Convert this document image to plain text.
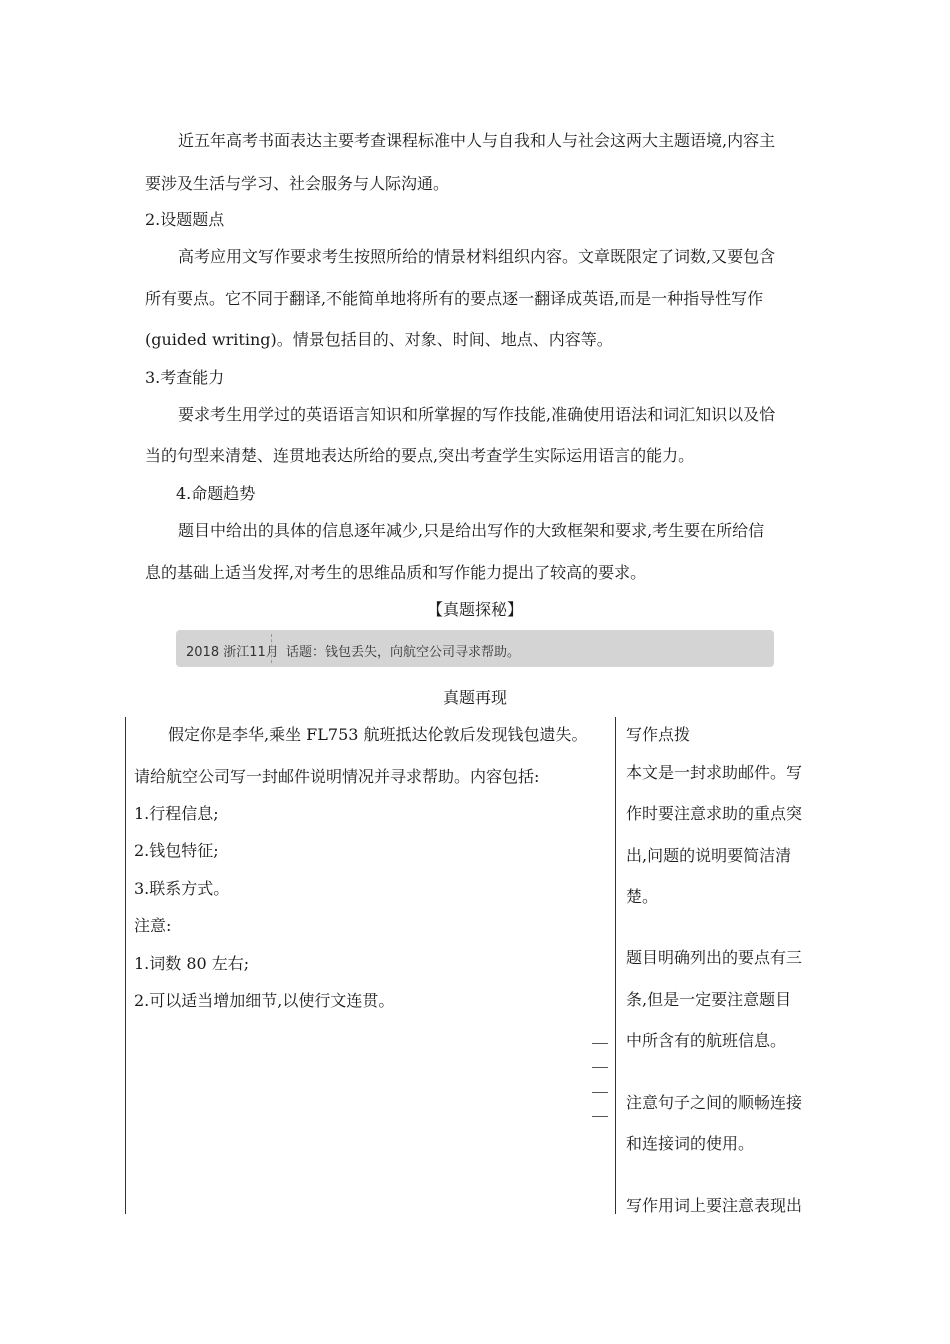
近五年高考书面表达主要考查课程标准中人与自我和人与社会这两大主题语境,内容主
要涉及生活与学习、社会服务与人际沟通。
2.设题题点
高考应用文写作要求考生按照所给的情景材料组织内容。文章既限定了词数,又要包含
所有要点。它不同于翻译,不能简单地将所有的要点逐一翻译成英语,而是一种指导性写作
(guided writing)。情景包括目的、对象、时间、地点、内容等。
3.考查能力
要求考生用学过的英语语言知识和所掌握的写作技能,准确使用语法和词汇知识以及恰
当的句型来清楚、连贯地表达所给的要点,突出考查学生实际运用语言的能力。
4.命题趋势
题目中给出的具体的信息逐年减少,只是给出写作的大致框架和要求,考生要在所给信
息的基础上适当发挥,对考生的思维品质和写作能力提出了较高的要求。
【真题探秘】
2018 浙江11月 话题：钱包丢失，向航空公司寻求帮助。
真题再现
假定你是李华,乘坐 FL753 航班抵达伦敦后发现钱包遗失。
请给航空公司写一封邮件说明情况并寻求帮助。内容包括:
1.行程信息;
2.钱包特征;
3.联系方式。
注意:
1.词数 80 左右;
2.可以适当增加细节,以使行文连贯。
写作点拨
本文是一封求助邮件。写
作时要注意求助的重点突
出,问题的说明要简洁清
楚。
题目明确列出的要点有三
条,但是一定要注意题目
中所含有的航班信息。
注意句子之间的顺畅连接
和连接词的使用。
写作用词上要注意表现出
